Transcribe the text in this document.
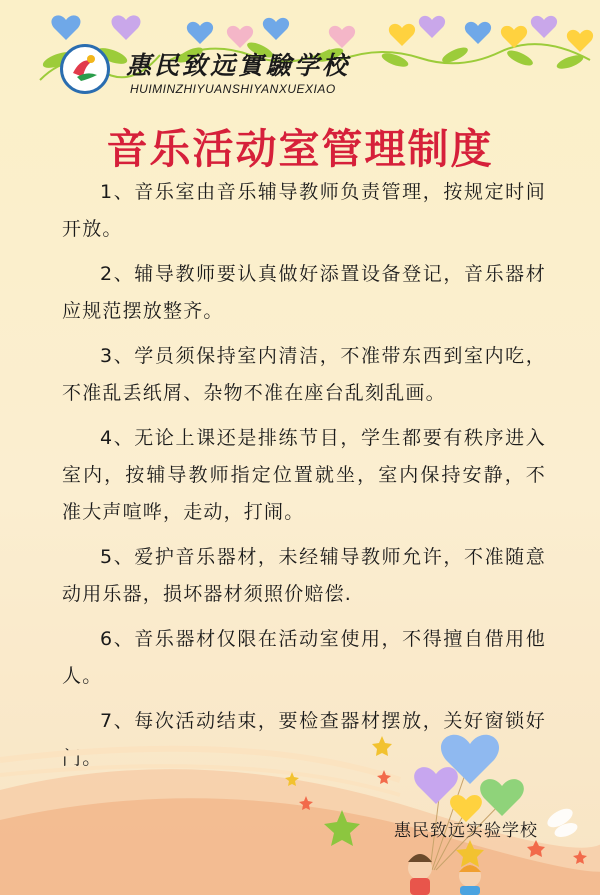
惠民致远實驗学校
HUIMINZHIYUANSHIYANXUEXIAO
音乐活动室管理制度

1、音乐室由音乐辅导教师负责管理，按规定时间开放。

2、辅导教师要认真做好添置设备登记，音乐器材应规范摆放整齐。

3、学员须保持室内清洁，不准带东西到室内吃，不准乱丢纸屑、杂物不准在座台乱刻乱画。

4、无论上课还是排练节目，学生都要有秩序进入室内，按辅导教师指定位置就坐，室内保持安静，不准大声喧哗，走动，打闹。

5、爱护音乐器材，未经辅导教师允许，不准随意动用乐器，损坏器材须照价赔偿.

6、音乐器材仅限在活动室使用，不得擅自借用他人。

7、每次活动结束，要检查器材摆放，关好窗锁好门。

惠民致远实验学校
